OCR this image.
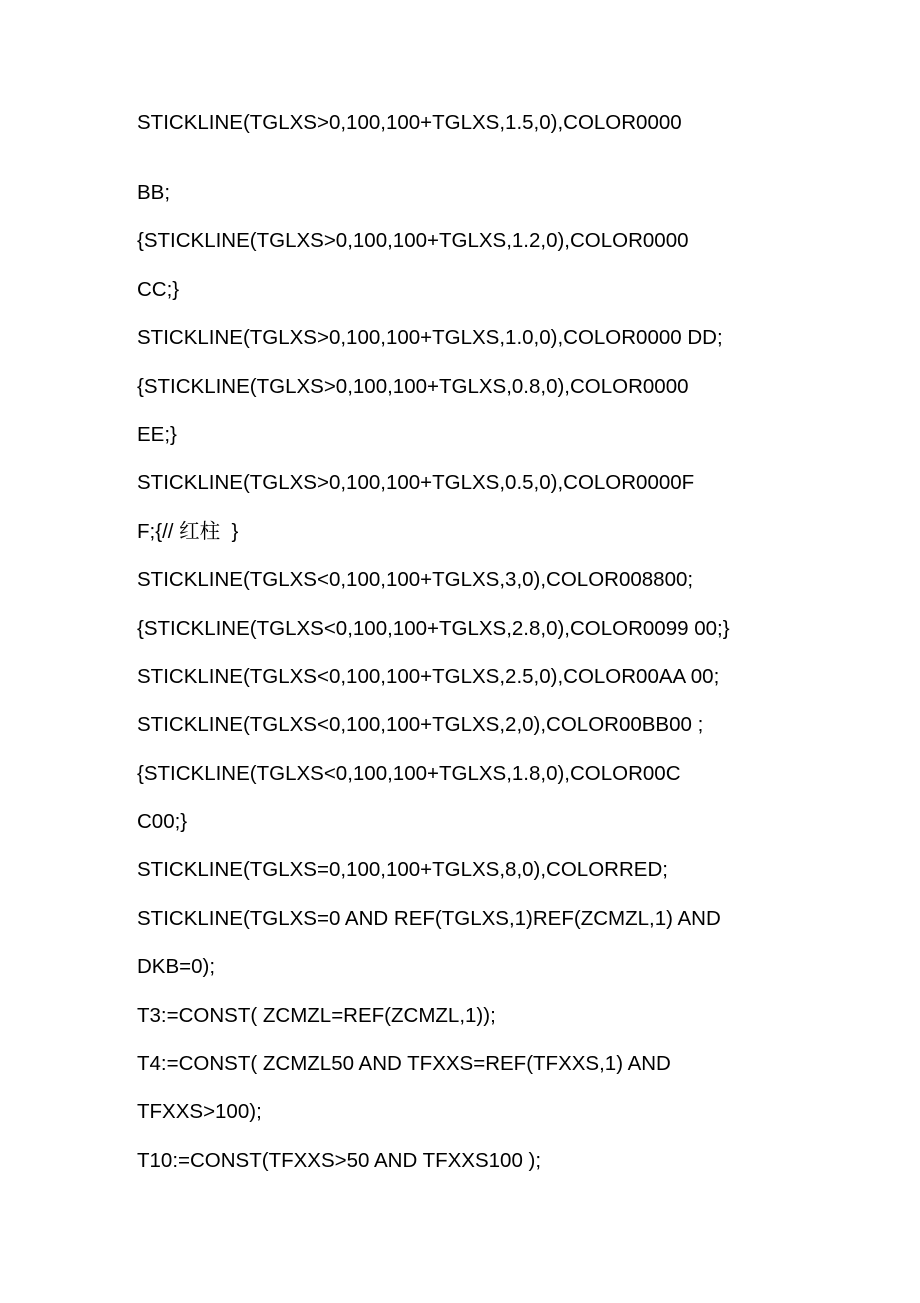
STICKLINE(TGLXS>0,100,100+TGLXS,1.5,0),COLOR0000
BB;
{STICKLINE(TGLXS>0,100,100+TGLXS,1.2,0),COLOR0000
CC;}
STICKLINE(TGLXS>0,100,100+TGLXS,1.0,0),COLOR0000 DD;
{STICKLINE(TGLXS>0,100,100+TGLXS,0.8,0),COLOR0000
EE;}
STICKLINE(TGLXS>0,100,100+TGLXS,0.5,0),COLOR0000F
F;{// 红柱  }
STICKLINE(TGLXS<0,100,100+TGLXS,3,0),COLOR008800;
{STICKLINE(TGLXS<0,100,100+TGLXS,2.8,0),COLOR0099 00;}
STICKLINE(TGLXS<0,100,100+TGLXS,2.5,0),COLOR00AA 00;
STICKLINE(TGLXS<0,100,100+TGLXS,2,0),COLOR00BB00 ;
{STICKLINE(TGLXS<0,100,100+TGLXS,1.8,0),COLOR00C
C00;}
STICKLINE(TGLXS=0,100,100+TGLXS,8,0),COLORRED;
STICKLINE(TGLXS=0 AND REF(TGLXS,1)REF(ZCMZL,1) AND
DKB=0);
T3:=CONST( ZCMZL=REF(ZCMZL,1));
T4:=CONST( ZCMZL50 AND TFXXS=REF(TFXXS,1) AND
TFXXS>100);
T10:=CONST(TFXXS>50 AND TFXXS100 );
